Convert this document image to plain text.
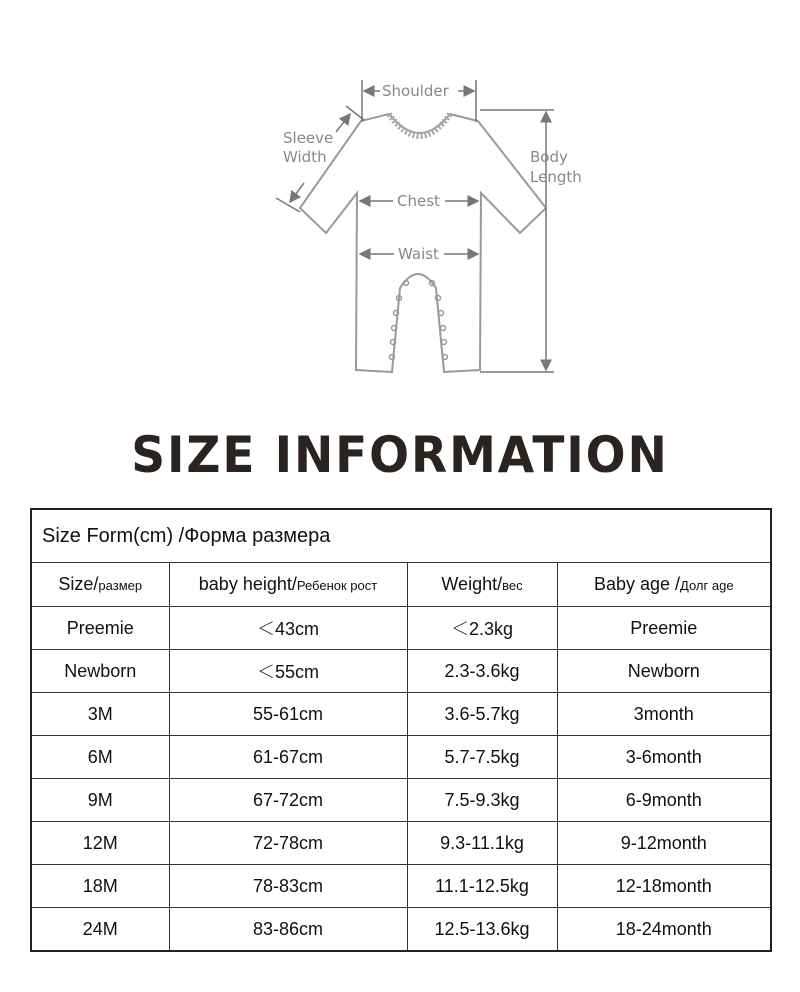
Shoulder
Sleeve
Width	Body
Length
Chest
Waist
SIZE INFORMATION
Size Form(cm) /Форма размера			
Size/размер	baby height/Ребенок рост	Weight/вес	Baby age /Долг age
Preemie	＜43cm	＜2.3kg	Preemie
Newborn	＜55cm	2.3-3.6kg	Newborn
3M	55-61cm	3.6-5.7kg	3month
6M	61-67cm	5.7-7.5kg	3-6month
9M	67-72cm	7.5-9.3kg	6-9month
12M	72-78cm	9.3-11.1kg	9-12month
18M	78-83cm	11.1-12.5kg	12-18month
24M	83-86cm	12.5-13.6kg	18-24month
